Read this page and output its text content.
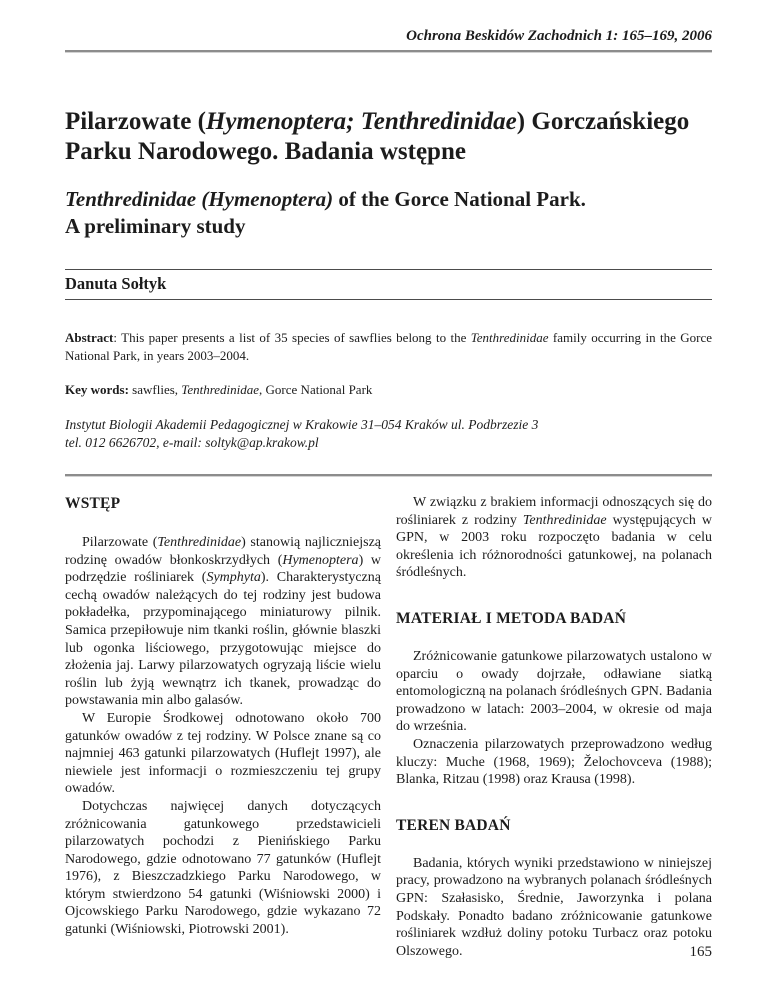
Ochrona Beskidów Zachodnich 1: 165–169, 2006
Pilarzowate (Hymenoptera; Tenthredinidae) Gorczańskiego
Parku Narodowego. Badania wstępne
Tenthredinidae (Hymenoptera) of the Gorce National Park.
A preliminary study
Danuta Sołtyk

Abstract: This paper presents a list of 35 species of sawflies belong to the Tenthredinidae family occurring in the Gorce National Park, in years 2003–2004.

Key words: sawflies, Tenthredinidae, Gorce National Park

Instytut Biologii Akademii Pedagogicznej w Krakowie 31–054 Kraków ul. Podbrzezie 3
tel. 012 6626702, e-mail: soltyk@ap.krakow.pl
WSTĘP

Pilarzowate (Tenthredinidae) stanowią najliczniejszą rodzinę owadów błonkoskrzydłych (Hymenoptera) w podrzędzie rośliniarek (Symphyta). Charakterystyczną cechą owadów należących do tej rodziny jest budowa pokładełka, przypominającego miniaturowy pilnik. Samica przepiłowuje nim tkanki roślin, głównie blaszki lub ogonka liściowego, przygotowując miejsce do złożenia jaj. Larwy pilarzowatych ogryzają liście wielu roślin lub żyją wewnątrz ich tkanek, prowadząc do powstawania min albo galasów.

W Europie Środkowej odnotowano około 700 gatunków owadów z tej rodziny. W Polsce znane są co najmniej 463 gatunki pilarzowatych (Huflejt 1997), ale niewiele jest informacji o rozmieszczeniu tej grupy owadów.

Dotychczas najwięcej danych dotyczących zróżnicowania gatunkowego przedstawicieli pilarzowatych pochodzi z Pienińskiego Parku Narodowego, gdzie odnotowano 77 gatunków (Huflejt 1976), z Bieszczadzkiego Parku Narodowego, w którym stwierdzono 54 gatunki (Wiśniowski 2000) i Ojcowskiego Parku Narodowego, gdzie wykazano 72 gatunki (Wiśniowski, Piotrowski 2001).

W związku z brakiem informacji odnoszących się do rośliniarek z rodziny Tenthredinidae występujących w GPN, w 2003 roku rozpoczęto badania w celu określenia ich różnorodności gatunkowej, na polanach śródleśnych.

MATERIAŁ I METODA BADAŃ

Zróżnicowanie gatunkowe pilarzowatych ustalono w oparciu o owady dojrzałe, odławiane siatką entomologiczną na polanach śródleśnych GPN. Badania prowadzono w latach: 2003–2004, w okresie od maja do września.

Oznaczenia pilarzowatych przeprowadzono według kluczy: Muche (1968, 1969); Želochovceva (1988); Blanka, Ritzau (1998) oraz Krausa (1998).

TEREN BADAŃ

Badania, których wyniki przedstawiono w niniejszej pracy, prowadzono na wybranych polanach śródleśnych GPN: Szałasisko, Średnie, Jaworzynka i polana Podskały. Ponadto badano zróżnicowanie gatunkowe rośliniarek wzdłuż doliny potoku Turbacz oraz potoku Olszowego.	165
